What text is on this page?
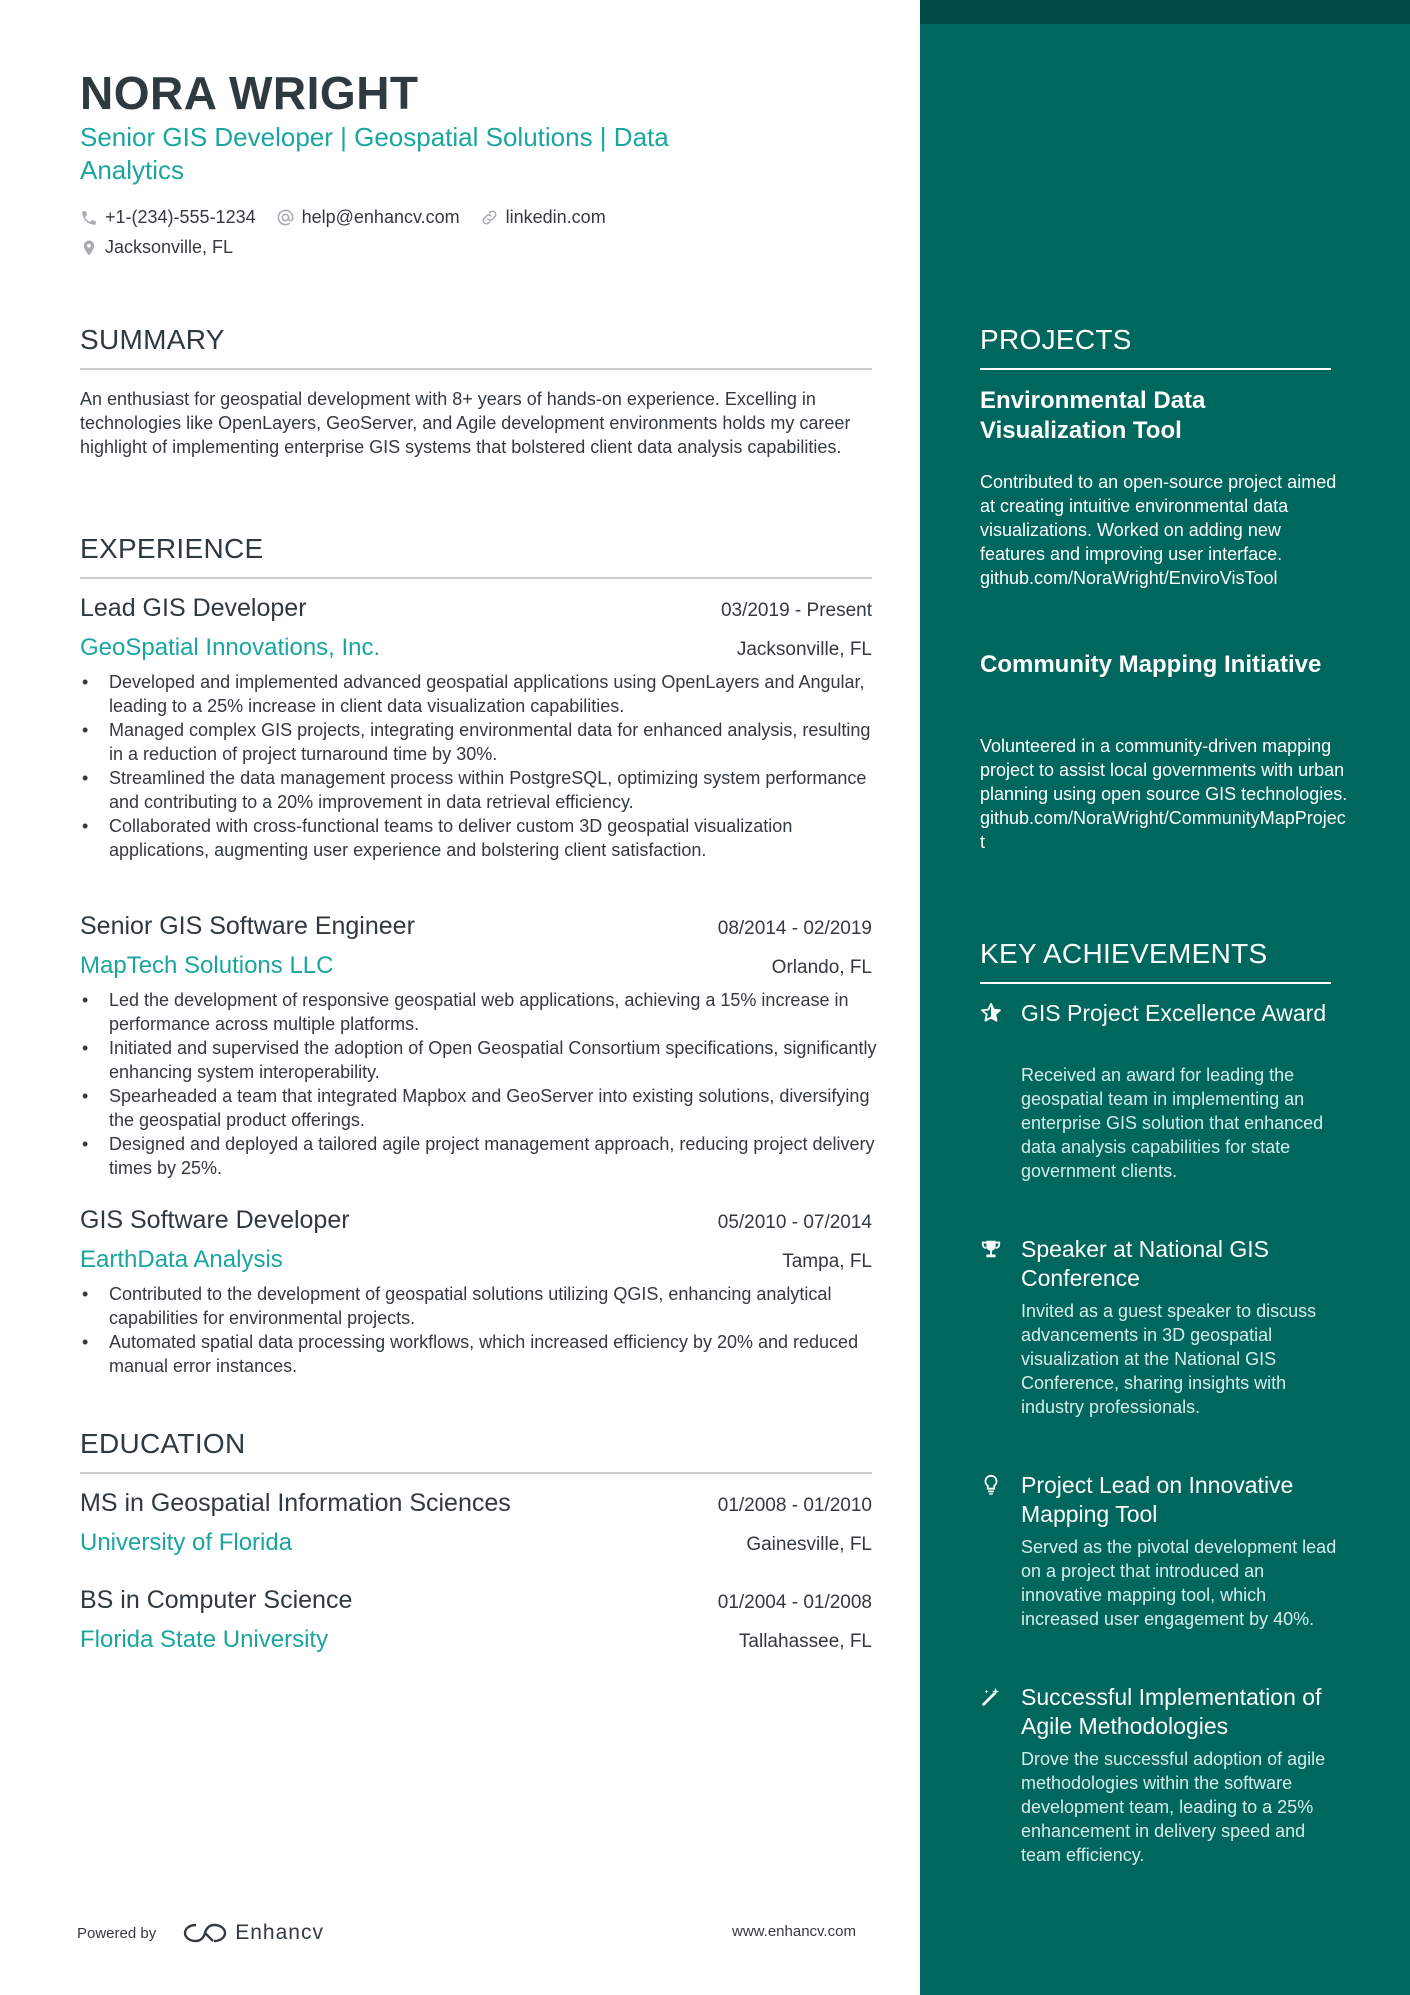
NORA WRIGHT
Senior GIS Developer | Geospatial Solutions | Data Analytics
+1-(234)-555-1234	help@enhancv.com	linkedin.com
Jacksonville, FL
SUMMARY
An enthusiast for geospatial development with 8+ years of hands-on experience. Excelling in technologies like OpenLayers, GeoServer, and Agile development environments holds my career highlight of implementing enterprise GIS systems that bolstered client data analysis capabilities.
EXPERIENCE
Lead GIS Developer	03/2019 - Present
GeoSpatial Innovations, Inc.	Jacksonville, FL
• Developed and implemented advanced geospatial applications using OpenLayers and Angular, leading to a 25% increase in client data visualization capabilities.
• Managed complex GIS projects, integrating environmental data for enhanced analysis, resulting in a reduction of project turnaround time by 30%.
• Streamlined the data management process within PostgreSQL, optimizing system performance and contributing to a 20% improvement in data retrieval efficiency.
• Collaborated with cross-functional teams to deliver custom 3D geospatial visualization applications, augmenting user experience and bolstering client satisfaction.
Senior GIS Software Engineer	08/2014 - 02/2019
MapTech Solutions LLC	Orlando, FL
• Led the development of responsive geospatial web applications, achieving a 15% increase in performance across multiple platforms.
• Initiated and supervised the adoption of Open Geospatial Consortium specifications, significantly enhancing system interoperability.
• Spearheaded a team that integrated Mapbox and GeoServer into existing solutions, diversifying the geospatial product offerings.
• Designed and deployed a tailored agile project management approach, reducing project delivery times by 25%.
GIS Software Developer	05/2010 - 07/2014
EarthData Analysis	Tampa, FL
• Contributed to the development of geospatial solutions utilizing QGIS, enhancing analytical capabilities for environmental projects.
• Automated spatial data processing workflows, which increased efficiency by 20% and reduced manual error instances.
EDUCATION
MS in Geospatial Information Sciences	01/2008 - 01/2010
University of Florida	Gainesville, FL
BS in Computer Science	01/2004 - 01/2008
Florida State University	Tallahassee, FL
Powered by	Enhancv	www.enhancv.com
PROJECTS
Environmental Data Visualization Tool
Contributed to an open-source project aimed at creating intuitive environmental data visualizations. Worked on adding new features and improving user interface.
github.com/NoraWright/EnviroVisTool
Community Mapping Initiative
Volunteered in a community-driven mapping project to assist local governments with urban planning using open source GIS technologies.
github.com/NoraWright/CommunityMapProject
KEY ACHIEVEMENTS
GIS Project Excellence Award
Received an award for leading the geospatial team in implementing an enterprise GIS solution that enhanced data analysis capabilities for state government clients.
Speaker at National GIS Conference
Invited as a guest speaker to discuss advancements in 3D geospatial visualization at the National GIS Conference, sharing insights with industry professionals.
Project Lead on Innovative Mapping Tool
Served as the pivotal development lead on a project that introduced an innovative mapping tool, which increased user engagement by 40%.
Successful Implementation of Agile Methodologies
Drove the successful adoption of agile methodologies within the software development team, leading to a 25% enhancement in delivery speed and team efficiency.
